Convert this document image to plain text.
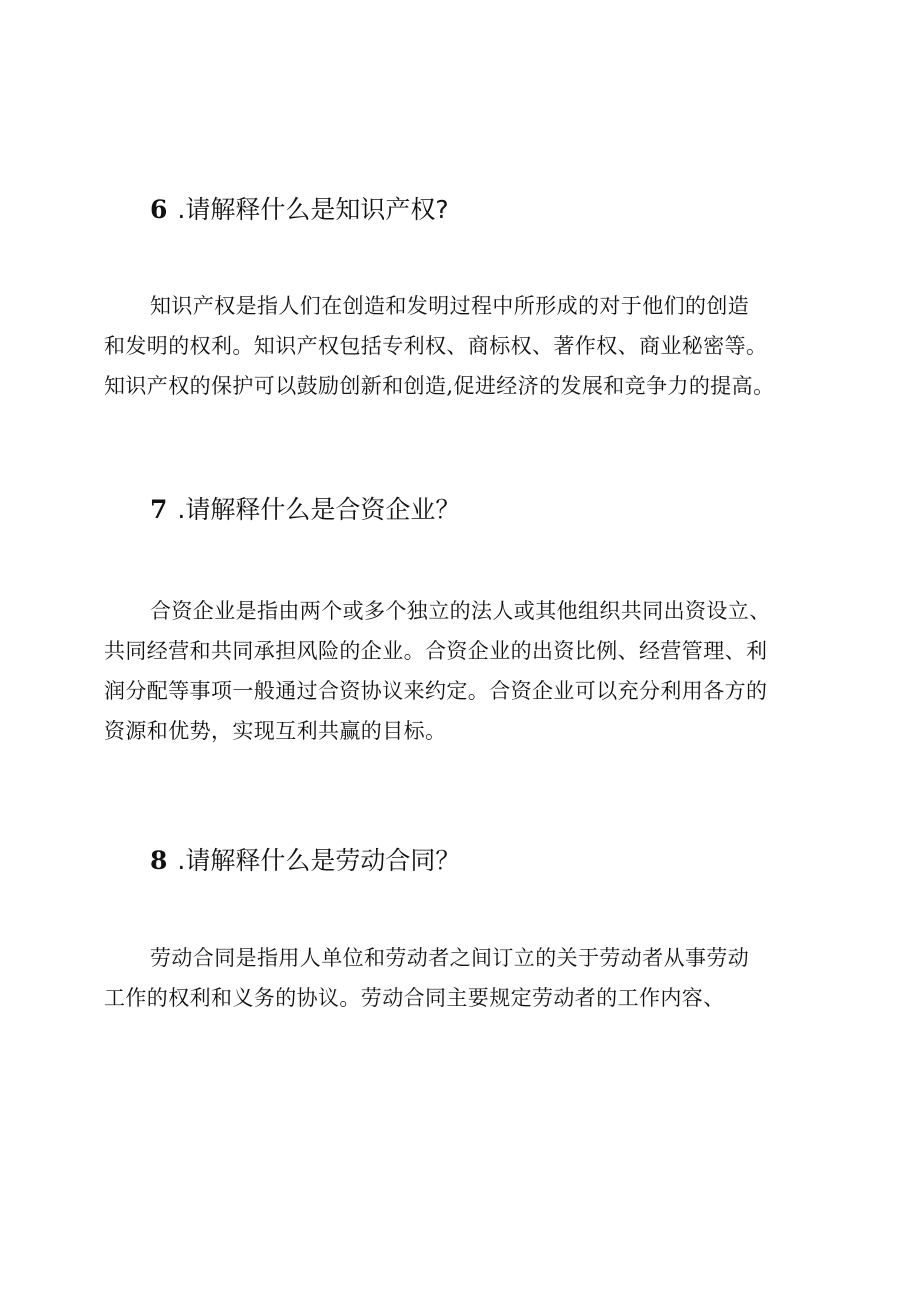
6 .请解释什么是知识产权?

知识产权是指人们在创造和发明过程中所形成的对于他们的创造
和发明的权利。知识产权包括专利权、商标权、著作权、商业秘密等。
知识产权的保护可以鼓励创新和创造,促进经济的发展和竞争力的提高。

7 .请解释什么是合资企业？

合资企业是指由两个或多个独立的法人或其他组织共同出资设立、
共同经营和共同承担风险的企业。合资企业的出资比例、经营管理、利
润分配等事项一般通过合资协议来约定。合资企业可以充分利用各方的
资源和优势，实现互利共赢的目标。

8 .请解释什么是劳动合同？

劳动合同是指用人单位和劳动者之间订立的关于劳动者从事劳动
工作的权利和义务的协议。劳动合同主要规定劳动者的工作内容、
